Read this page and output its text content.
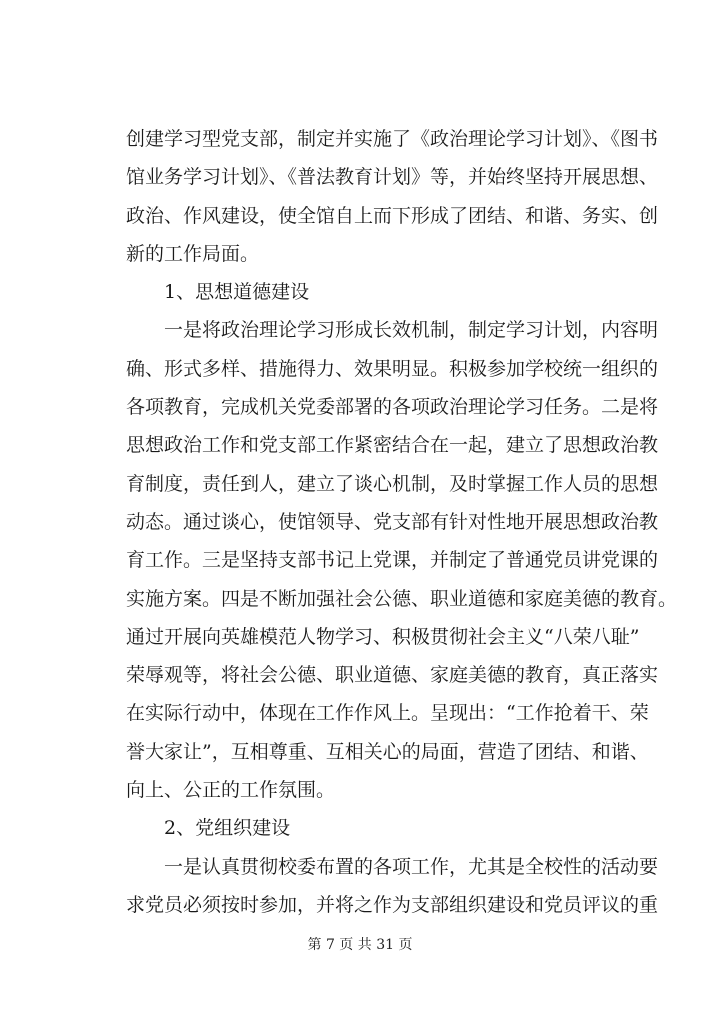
创建学习型党支部，制定并实施了《政治理论学习计划》、《图书
馆业务学习计划》、《普法教育计划》等，并始终坚持开展思想、
政治、作风建设，使全馆自上而下形成了团结、和谐、务实、创
新的工作局面。
　　1、思想道德建设
　　一是将政治理论学习形成长效机制，制定学习计划，内容明
确、形式多样、措施得力、效果明显。积极参加学校统一组织的
各项教育，完成机关党委部署的各项政治理论学习任务。二是将
思想政治工作和党支部工作紧密结合在一起，建立了思想政治教
育制度，责任到人，建立了谈心机制，及时掌握工作人员的思想
动态。通过谈心，使馆领导、党支部有针对性地开展思想政治教
育工作。三是坚持支部书记上党课，并制定了普通党员讲党课的
实施方案。四是不断加强社会公德、职业道德和家庭美德的教育。
通过开展向英雄模范人物学习、积极贯彻社会主义“八荣八耻”
荣辱观等，将社会公德、职业道德、家庭美德的教育，真正落实
在实际行动中，体现在工作作风上。呈现出：“工作抢着干、荣
誉大家让”，互相尊重、互相关心的局面，营造了团结、和谐、
向上、公正的工作氛围。
　　2、党组织建设
　　一是认真贯彻校委布置的各项工作，尤其是全校性的活动要
求党员必须按时参加，并将之作为支部组织建设和党员评议的重
第 7 页 共 31 页
